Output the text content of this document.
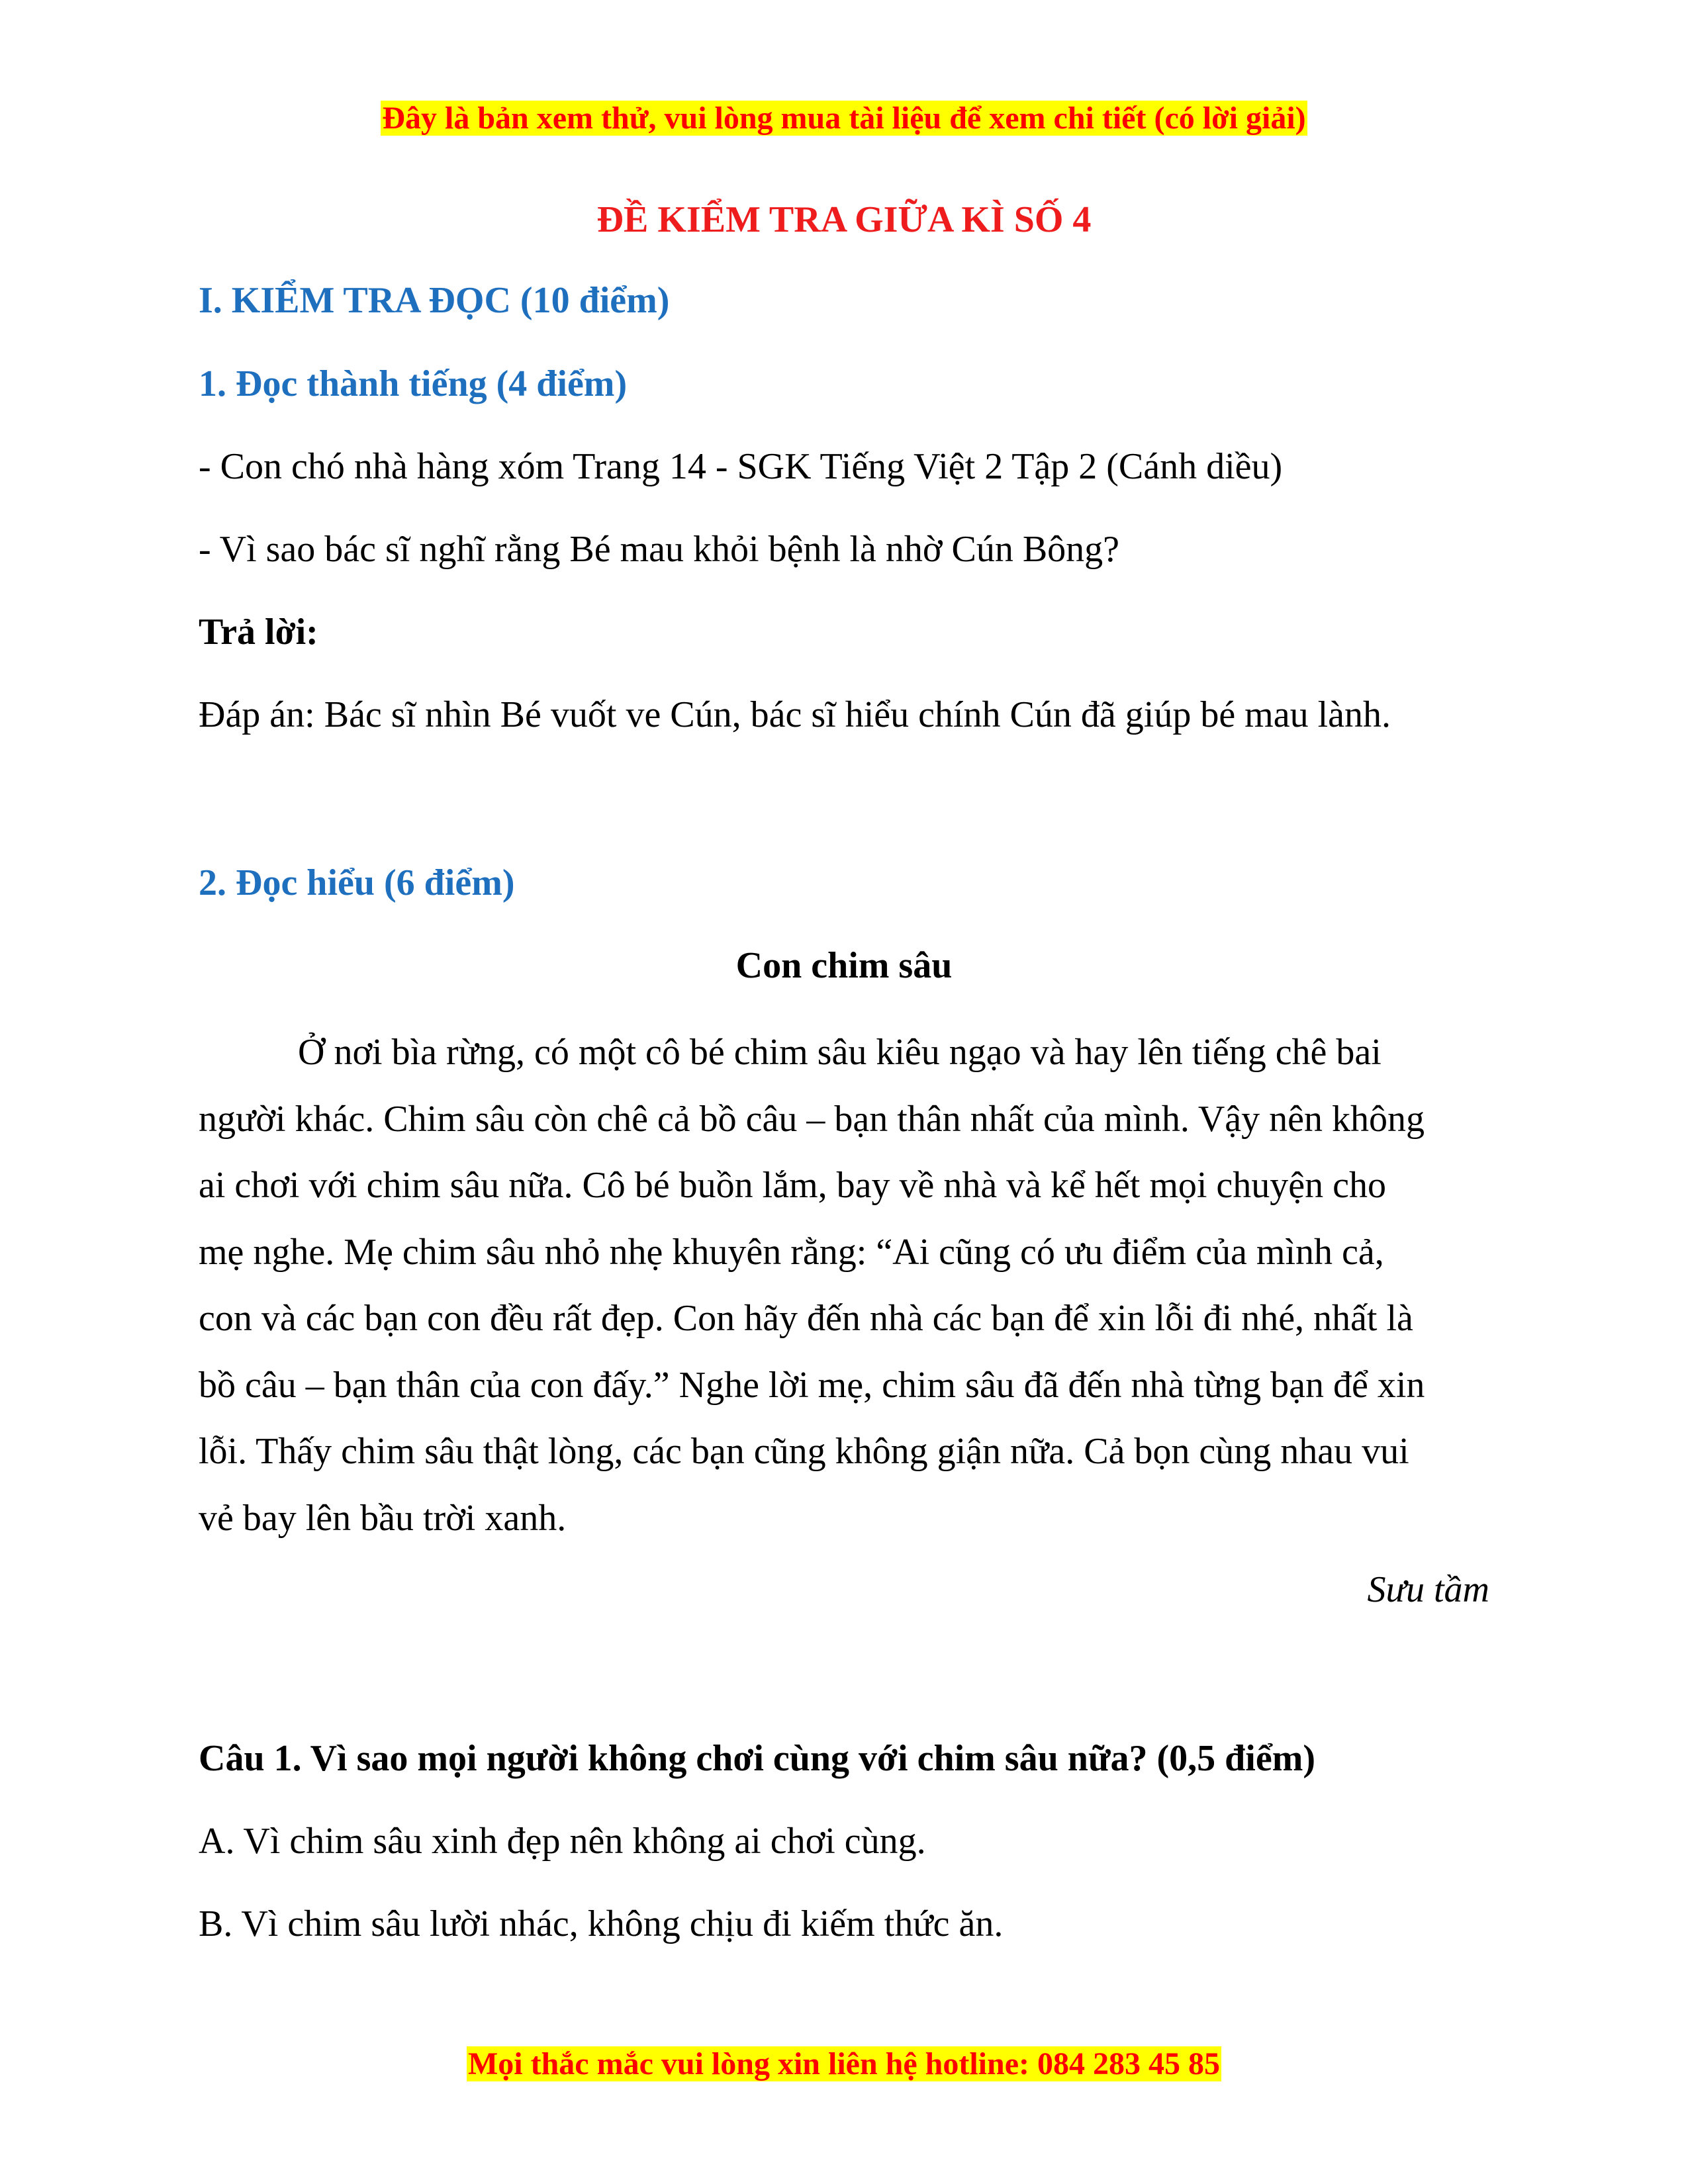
Đây là bản xem thử, vui lòng mua tài liệu để xem chi tiết (có lời giải)
ĐỀ KIỂM TRA GIỮA KÌ SỐ 4
I. KIỂM TRA ĐỌC (10 điểm)
1. Đọc thành tiếng (4 điểm)
- Con chó nhà hàng xóm Trang 14 - SGK Tiếng Việt 2 Tập 2 (Cánh diều)
- Vì sao bác sĩ nghĩ rằng Bé mau khỏi bệnh là nhờ Cún Bông?
Trả lời:
Đáp án: Bác sĩ nhìn Bé vuốt ve Cún, bác sĩ hiểu chính Cún đã giúp bé mau lành.
2. Đọc hiểu (6 điểm)
Con chim sâu
Ở nơi bìa rừng, có một cô bé chim sâu kiêu ngạo và hay lên tiếng chê bai
người khác. Chim sâu còn chê cả bồ câu – bạn thân nhất của mình. Vậy nên không
ai chơi với chim sâu nữa. Cô bé buồn lắm, bay về nhà và kể hết mọi chuyện cho
mẹ nghe. Mẹ chim sâu nhỏ nhẹ khuyên rằng: “Ai cũng có ưu điểm của mình cả,
con và các bạn con đều rất đẹp. Con hãy đến nhà các bạn để xin lỗi đi nhé, nhất là
bồ câu – bạn thân của con đấy.” Nghe lời mẹ, chim sâu đã đến nhà từng bạn để xin
lỗi. Thấy chim sâu thật lòng, các bạn cũng không giận nữa. Cả bọn cùng nhau vui
vẻ bay lên bầu trời xanh.
Sưu tầm
Câu 1. Vì sao mọi người không chơi cùng với chim sâu nữa? (0,5 điểm)
A. Vì chim sâu xinh đẹp nên không ai chơi cùng.
B. Vì chim sâu lười nhác, không chịu đi kiếm thức ăn.
Mọi thắc mắc vui lòng xin liên hệ hotline: 084 283 45 85
